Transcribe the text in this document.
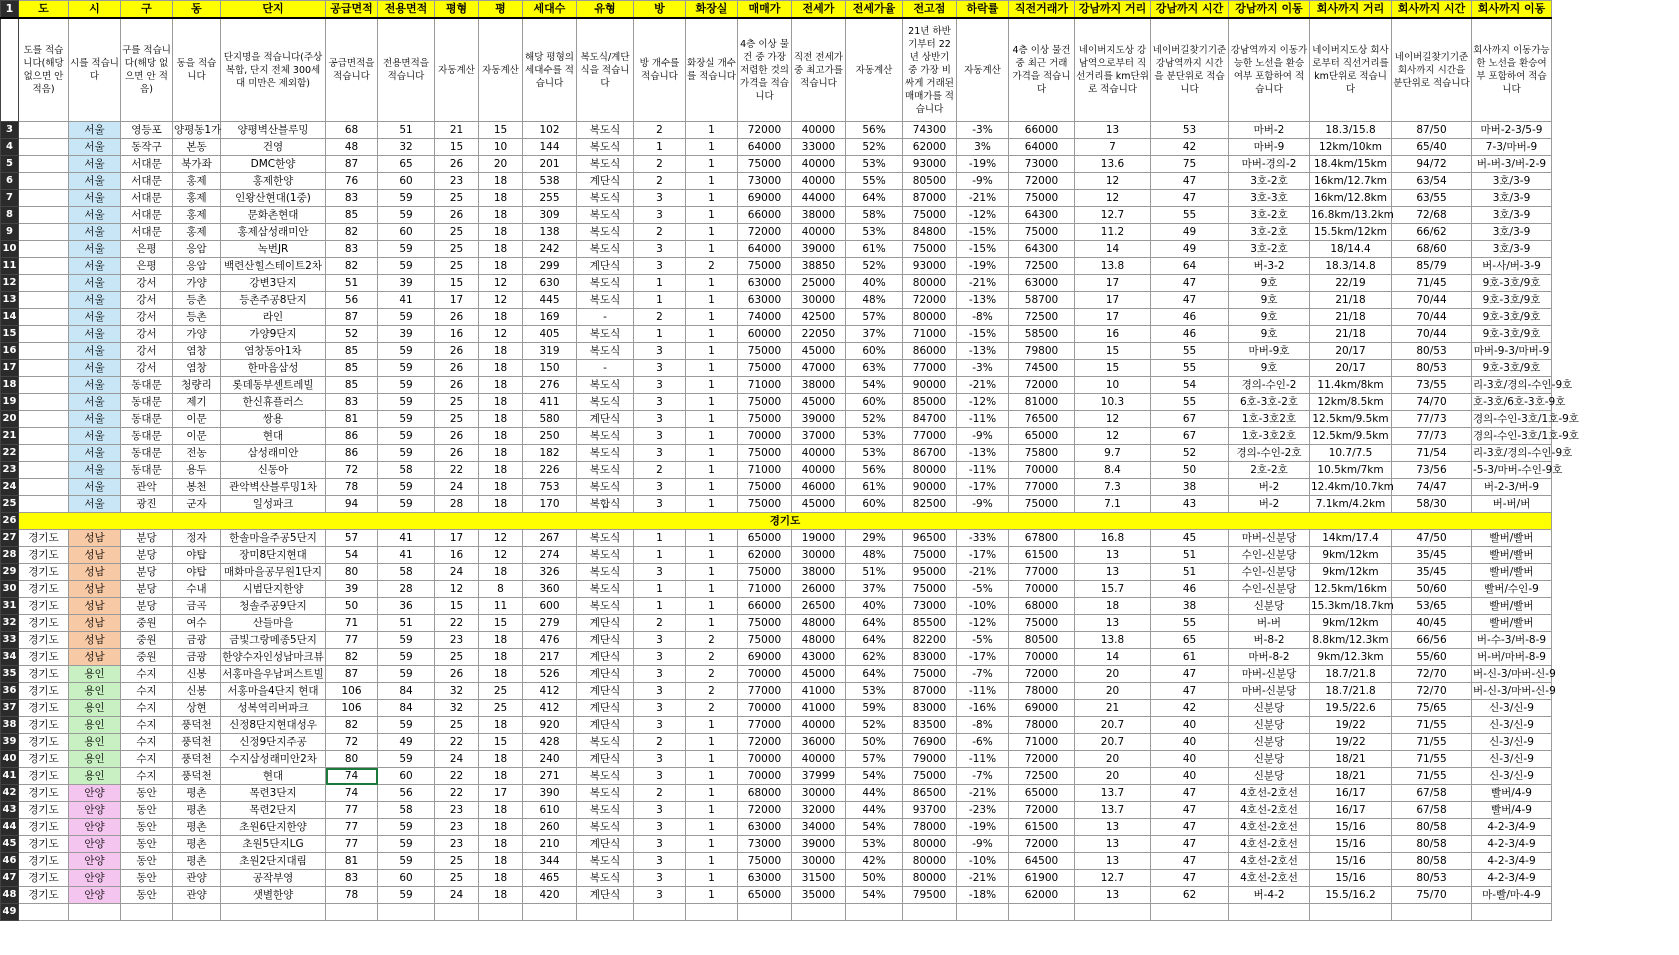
1	도	시	구	동	단지	공급면적	전용면적	평형	평	세대수	유형	방	화장실	매매가	전세가	전세가율	전고점	하락률	직전거래가	강남까지 거리	강남까지 시간	강남까지 이동	회사까지 거리	회사까지 시간	회사까지 이동
2	도를 적습니다(해당 없으면 안 적음)	시를 적습니다	구를 적습니다(해당 없으면 안 적음)	동을 적습니다	단지명을 적습니다(주상복합, 단지 전체 300세대 미만은 제외함)	공급면적을 적습니다	전용면적을 적습니다	자동계산	자동계산	해당 평형의 세대수를 적습니다	복도식/계단식을 적습니다	방 개수를 적습니다	화장실 개수를 적습니다	4층 이상 물건 중 가장 저렴한 것의 가격을 적습니다	직전 전세가 중 최고가를 적습니다	자동계산	21년 하반기부터 22년 상반기 중 가장 비싸게 거래된 매매가를 적습니다	자동계산	4층 이상 물건 중 최근 거래 가격을 적습니다	네이버지도상 강남역으로부터 직선거리를 km단위로 적습니다	네이버길찾기기준 강남역까지 시간을 분단위로 적습니다	강남역까지 이동가능한 노선을 환승여부 포함하여 적습니다	네이버지도상 회사로부터 직선거리를 km단위로 적습니다	네이버길찾기기준 회사까지 시간을 분단위로 적습니다	회사까지 이동가능한 노선을 환승여부 포함하여 적습니다
3		서울	영등포	양평동1가	양평벽산블루밍	68	51	21	15	102	복도식	2	1	72000	40000	56%	74300	-3%	66000	13	53	마버-2	18.3/15.8	87/50	마버-2-3/5-9
4		서울	동작구	본동	건영	48	32	15	10	144	복도식	1	1	64000	33000	52%	62000	3%	64000	7	42	마버-9	12km/10km	65/40	7-3/마버-9
5		서울	서대문	북가좌	DMC한양	87	65	26	20	201	복도식	2	1	75000	40000	53%	93000	-19%	73000	13.6	75	마버-경의-2	18.4km/15km	94/72	버-버-3/버-2-9
6		서울	서대문	홍제	홍제한양	76	60	23	18	538	계단식	2	1	73000	40000	55%	80500	-9%	72000	12	47	3호-2호	16km/12.7km	63/54	3호/3-9
7		서울	서대문	홍제	인왕산현대(1중)	83	59	25	18	255	복도식	3	1	69000	44000	64%	87000	-21%	75000	12	47	3호-3호	16km/12.8km	63/55	3호/3-9
8		서울	서대문	홍제	문화촌현대	85	59	26	18	309	복도식	3	1	66000	38000	58%	75000	-12%	64300	12.7	55	3호-2호	16.8km/13.2km	72/68	3호/3-9
9		서울	서대문	홍제	홍제삼성래미안	82	60	25	18	138	복도식	2	1	72000	40000	53%	84800	-15%	75000	11.2	49	3호-2호	15.5km/12km	66/62	3호/3-9
10		서울	은평	응암	녹번JR	83	59	25	18	242	복도식	3	1	64000	39000	61%	75000	-15%	64300	14	49	3호-2호	18/14.4	68/60	3호/3-9
11		서울	은평	응암	백련산힐스테이트2차	82	59	25	18	299	계단식	3	2	75000	38850	52%	93000	-19%	72500	13.8	64	버-3-2	18.3/14.8	85/79	버-사/버-3-9
12		서울	강서	가양	강변3단지	51	39	15	12	630	복도식	1	1	63000	25000	40%	80000	-21%	63000	17	47	9호	22/19	71/45	9호-3호/9호
13		서울	강서	등촌	등촌주공8단지	56	41	17	12	445	복도식	1	1	63000	30000	48%	72000	-13%	58700	17	47	9호	21/18	70/44	9호-3호/9호
14		서울	강서	등촌	라인	87	59	26	18	169	-	2	1	74000	42500	57%	80000	-8%	72500	17	46	9호	21/18	70/44	9호-3호/9호
15		서울	강서	가양	가양9단지	52	39	16	12	405	복도식	1	1	60000	22050	37%	71000	-15%	58500	16	46	9호	21/18	70/44	9호-3호/9호
16		서울	강서	염창	염창동아1차	85	59	26	18	319	복도식	3	1	75000	45000	60%	86000	-13%	79800	15	55	마버-9호	20/17	80/53	마버-9-3/마버-9
17		서울	강서	염창	한마음삼성	85	59	26	18	150	-	3	1	75000	47000	63%	77000	-3%	74500	15	55	9호	20/17	80/53	9호-3호/9호
18		서울	동대문	청량리	롯데동부센트레빌	85	59	26	18	276	복도식	3	1	71000	38000	54%	90000	-21%	72000	10	54	경의-수인-2	11.4km/8km	73/55	리-3호/경의-수인-9호
19		서울	동대문	제기	한신휴플러스	83	59	25	18	411	복도식	3	1	75000	45000	60%	85000	-12%	81000	10.3	55	6호-3호-2호	12km/8.5km	74/70	호-3호/6호-3호-9호
20		서울	동대문	이문	쌍용	81	59	25	18	580	계단식	3	1	75000	39000	52%	84700	-11%	76500	12	67	1호-3호2호	12.5km/9.5km	77/73	경의-수인-3호/1호-9호
21		서울	동대문	이문	현대	86	59	26	18	250	복도식	3	1	70000	37000	53%	77000	-9%	65000	12	67	1호-3호2호	12.5km/9.5km	77/73	경의-수인-3호/1호-9호
22		서울	동대문	전농	삼성래미안	86	59	26	18	182	복도식	3	1	75000	40000	53%	86700	-13%	75800	9.7	52	경의-수인-2호	10.7/7.5	71/54	리-3호/경의-수인-9호
23		서울	동대문	용두	신동아	72	58	22	18	226	복도식	2	1	71000	40000	56%	80000	-11%	70000	8.4	50	2호-2호	10.5km/7km	73/56	-5-3/마버-수인-9호
24		서울	관악	봉천	관악벽산블루밍1차	78	59	24	18	753	복도식	3	1	75000	46000	61%	90000	-17%	77000	7.3	38	버-2	12.4km/10.7km	74/47	버-2-3/버-9
25		서울	광진	군자	일성파크	94	59	28	18	170	복합식	3	1	75000	45000	60%	82500	-9%	75000	7.1	43	버-2	7.1km/4.2km	58/30	버-버/버
26	경기도																								
27	경기도	성남	분당	정자	한솔마을주공5단지	57	41	17	12	267	복도식	1	1	65000	19000	29%	96500	-33%	67800	16.8	45	마버-신분당	14km/17.4	47/50	빨버/빨버
28	경기도	성남	분당	야탑	장미8단지현대	54	41	16	12	274	복도식	1	1	62000	30000	48%	75000	-17%	61500	13	51	수인-신분당	9km/12km	35/45	빨버/빨버
29	경기도	성남	분당	야탑	매화마을공무원1단지	80	58	24	18	326	복도식	3	1	75000	38000	51%	95000	-21%	77000	13	51	수인-신분당	9km/12km	35/45	빨버/빨버
30	경기도	성남	분당	수내	시범단지한양	39	28	12	8	360	복도식	1	1	71000	26000	37%	75000	-5%	70000	15.7	46	수인-신분당	12.5km/16km	50/60	빨버/수인-9
31	경기도	성남	분당	금곡	청솔주공9단지	50	36	15	11	600	복도식	1	1	66000	26500	40%	73000	-10%	68000	18	38	신분당	15.3km/18.7km	53/65	빨버/빨버
32	경기도	성남	중원	여수	산들마을	71	51	22	15	279	계단식	2	1	75000	48000	64%	85500	-12%	75000	13	55	버-버	9km/12km	40/45	빨버/빨버
33	경기도	성남	중원	금광	금빛그랑메종5단지	77	59	23	18	476	계단식	3	2	75000	48000	64%	82200	-5%	80500	13.8	65	버-8-2	8.8km/12.3km	66/56	버-수-3/버-8-9
34	경기도	성남	중원	금광	한양수자인성남마크뷰	82	59	25	18	217	계단식	3	2	69000	43000	62%	83000	-17%	70000	14	61	마버-8-2	9km/12.3km	55/60	버-버/마버-8-9
35	경기도	용인	수지	신봉	서홍마을우남퍼스트빌	87	59	26	18	526	계단식	3	2	70000	45000	64%	75000	-7%	72000	20	47	마버-신분당	18.7/21.8	72/70	버-신-3/마버-신-9
36	경기도	용인	수지	신봉	서홍마을4단지 현대	106	84	32	25	412	계단식	3	2	77000	41000	53%	87000	-11%	78000	20	47	마버-신분당	18.7/21.8	72/70	버-신-3/마버-신-9
37	경기도	용인	수지	상현	성복역리버파크	106	84	32	25	412	계단식	3	2	70000	41000	59%	83000	-16%	69000	21	42	신분당	19.5/22.6	75/65	신-3/신-9
38	경기도	용인	수지	풍덕천	신정8단지현대성우	82	59	25	18	920	계단식	3	1	77000	40000	52%	83500	-8%	78000	20.7	40	신분당	19/22	71/55	신-3/신-9
39	경기도	용인	수지	풍덕천	신정9단지주공	72	49	22	15	428	복도식	2	1	72000	36000	50%	76900	-6%	71000	20.7	40	신분당	19/22	71/55	신-3/신-9
40	경기도	용인	수지	풍덕천	수지삼성래미안2차	80	59	24	18	240	계단식	3	1	70000	40000	57%	79000	-11%	72000	20	40	신분당	18/21	71/55	신-3/신-9
41	경기도	용인	수지	풍덕천	현대	74	60	22	18	271	복도식	3	1	70000	37999	54%	75000	-7%	72500	20	40	신분당	18/21	71/55	신-3/신-9
42	경기도	안양	동안	평촌	목련3단지	74	56	22	17	390	복도식	2	1	68000	30000	44%	86500	-21%	65000	13.7	47	4호선-2호선	16/17	67/58	빨버/4-9
43	경기도	안양	동안	평촌	목련2단지	77	58	23	18	610	복도식	3	1	72000	32000	44%	93700	-23%	72000	13.7	47	4호선-2호선	16/17	67/58	빨버/4-9
44	경기도	안양	동안	평촌	초원6단지한양	77	59	23	18	260	복도식	3	1	63000	34000	54%	78000	-19%	61500	13	47	4호선-2호선	15/16	80/58	4-2-3/4-9
45	경기도	안양	동안	평촌	초원5단지LG	77	59	23	18	210	계단식	3	1	73000	39000	53%	80000	-9%	72000	13	47	4호선-2호선	15/16	80/58	4-2-3/4-9
46	경기도	안양	동안	평촌	초원2단지대림	81	59	25	18	344	복도식	3	1	75000	30000	42%	80000	-10%	64500	13	47	4호선-2호선	15/16	80/58	4-2-3/4-9
47	경기도	안양	동안	관양	공작부영	83	60	25	18	465	복도식	3	1	63000	31500	50%	80000	-21%	61900	12.7	47	4호선-2호선	15/16	80/53	4-2-3/4-9
48	경기도	안양	동안	관양	샛별한양	78	59	24	18	420	계단식	3	1	65000	35000	54%	79500	-18%	62000	13	62	버-4-2	15.5/16.2	75/70	마-빨/마-4-9
49																									
